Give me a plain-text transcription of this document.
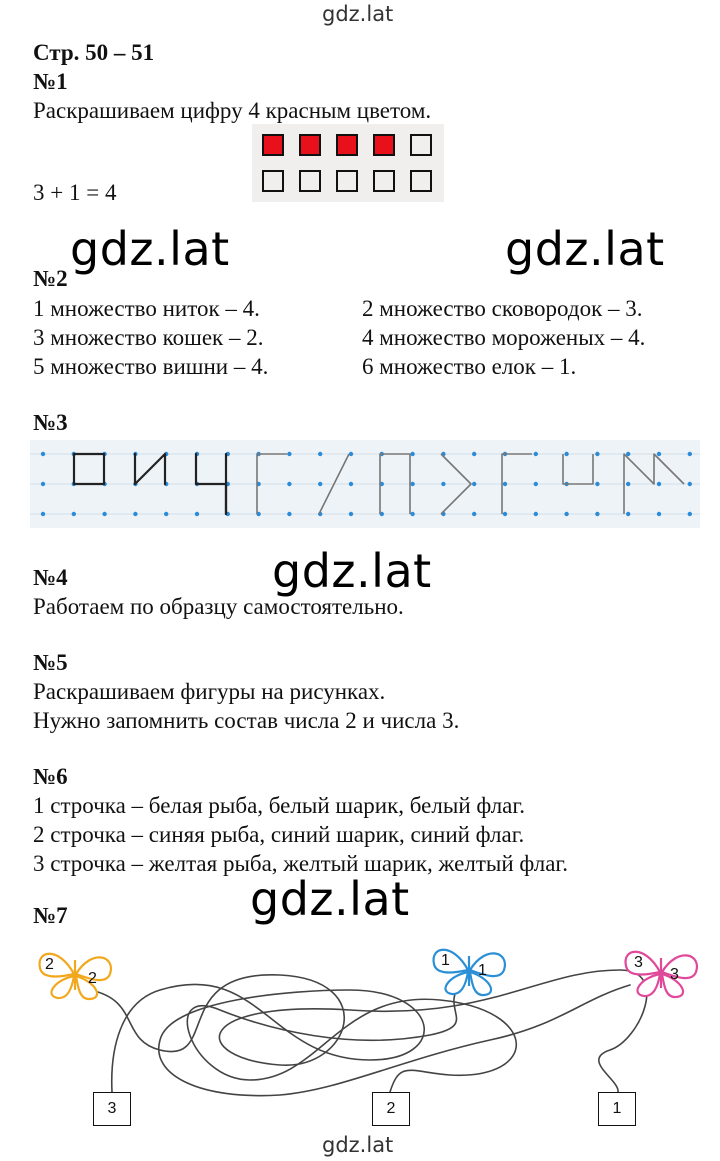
gdz.lat
Стр. 50 – 51
№1
Раскрашиваем цифру 4 красным цветом.
3 + 1 = 4
gdz.lat	gdz.lat
№2
1 множество ниток – 4.	2 множество сковородок – 3.
3 множество кошек – 2.	4 множество мороженых – 4.
5 множество вишни – 4.	6 множество елок – 1.
№3
gdz.lat
№4
Работаем по образцу самостоятельно.
№5
Раскрашиваем фигуры на рисунках.
Нужно запомнить состав числа 2 и числа 3.
№6
1 строчка – белая рыба, белый шарик, белый флаг.
2 строчка – синяя рыба, синий шарик, синий флаг.
3 строчка – желтая рыба, желтый шарик, желтый флаг.
gdz.lat
№7
2
2
1
1	3
3
3	2	1
gdz.lat
